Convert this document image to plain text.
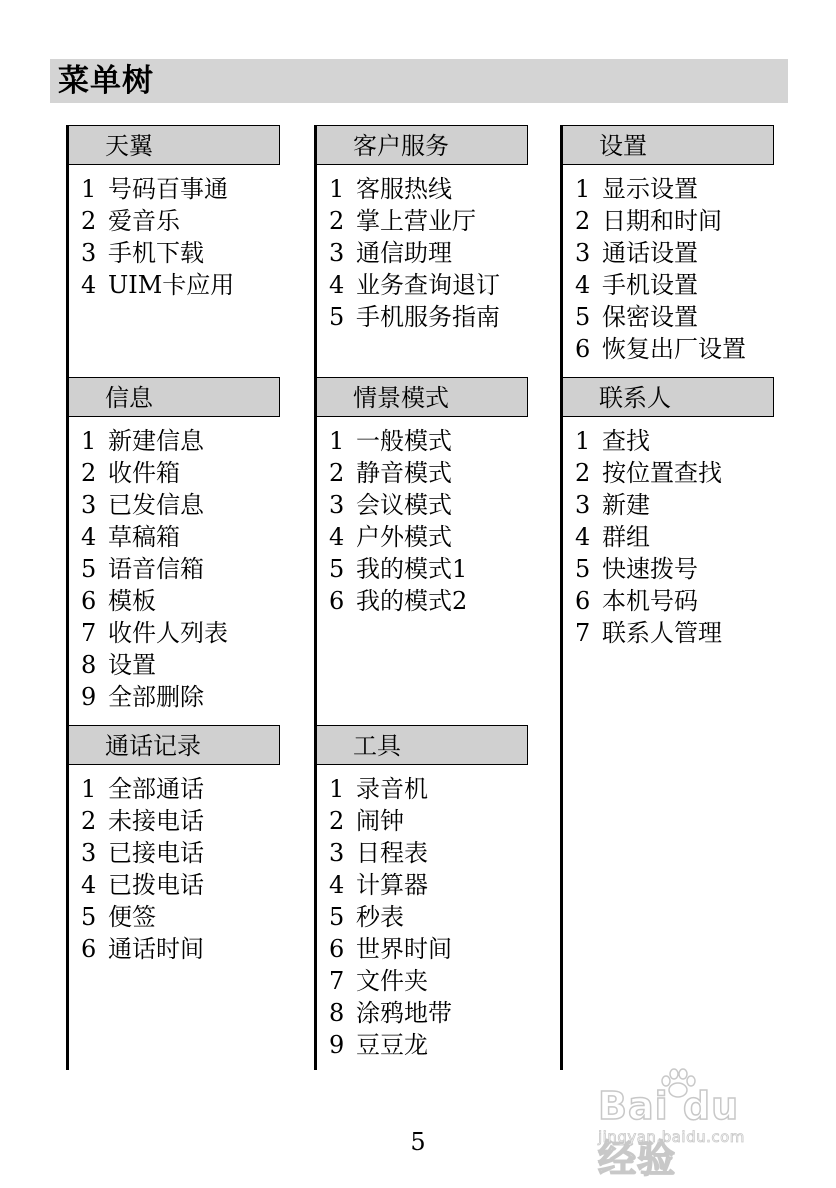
菜单树
天翼
1 号码百事通
2 爱音乐
3 手机下载
4 UIM卡应用
客户服务
1 客服热线
2 掌上营业厅
3 通信助理
4 业务查询退订
5 手机服务指南
设置
1 显示设置
2 日期和时间
3 通话设置
4 手机设置
5 保密设置
6 恢复出厂设置
信息
1 新建信息
2 收件箱
3 已发信息
4 草稿箱
5 语音信箱
6 模板
7 收件人列表
8 设置
9 全部删除
情景模式
1 一般模式
2 静音模式
3 会议模式
4 户外模式
5 我的模式1
6 我的模式2
联系人
1 查找
2 按位置查找
3 新建
4 群组
5 快速拨号
6 本机号码
7 联系人管理
通话记录
1 全部通话
2 未接电话
3 已接电话
4 已拨电话
5 便签
6 通话时间
工具
1 录音机
2 闹钟
3 日程表
4 计算器
5 秒表
6 世界时间
7 文件夹
8 涂鸦地带
9 豆豆龙
5
Bai du 经验
jingyan.baidu.com
